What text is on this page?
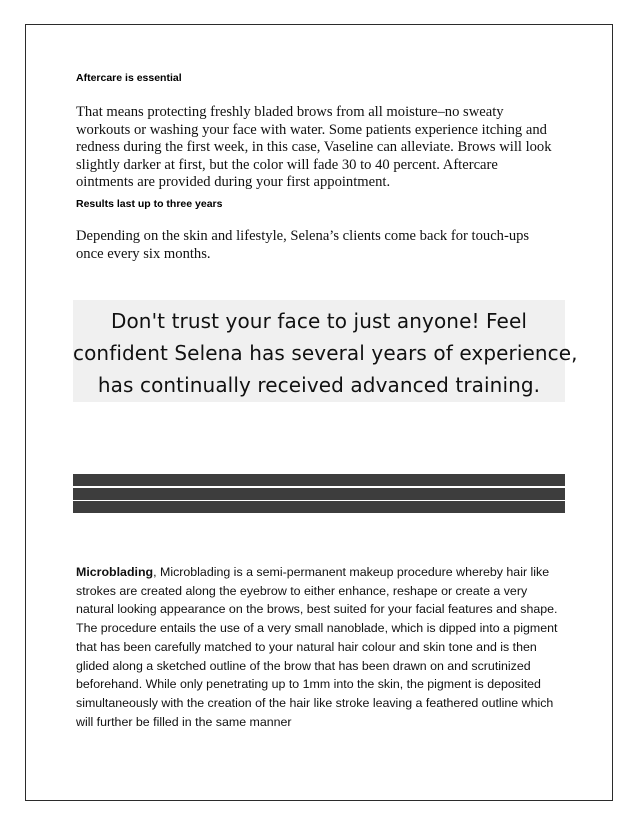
Aftercare is essential
That means protecting freshly bladed brows from all moisture–no sweaty
workouts or washing your face with water. Some patients experience itching and
redness during the first week, in this case, Vaseline can alleviate. Brows will look
slightly darker at first, but the color will fade 30 to 40 percent. Aftercare
ointments are provided during your first appointment.
Results last up to three years
Depending on the skin and lifestyle, Selena’s clients come back for touch-ups
once every six months.
Don't trust your face to just anyone! Feel
confident Selena has several years of experience,
has continually received advanced training.
Microblading, Microblading is a semi-permanent makeup procedure whereby hair like
strokes are created along the eyebrow to either enhance, reshape or create a very
natural looking appearance on the brows, best suited for your facial features and shape.
The procedure entails the use of a very small nanoblade, which is dipped into a pigment
that has been carefully matched to your natural hair colour and skin tone and is then
glided along a sketched outline of the brow that has been drawn on and scrutinized
beforehand. While only penetrating up to 1mm into the skin, the pigment is deposited
simultaneously with the creation of the hair like stroke leaving a feathered outline which
will further be filled in the same manner
